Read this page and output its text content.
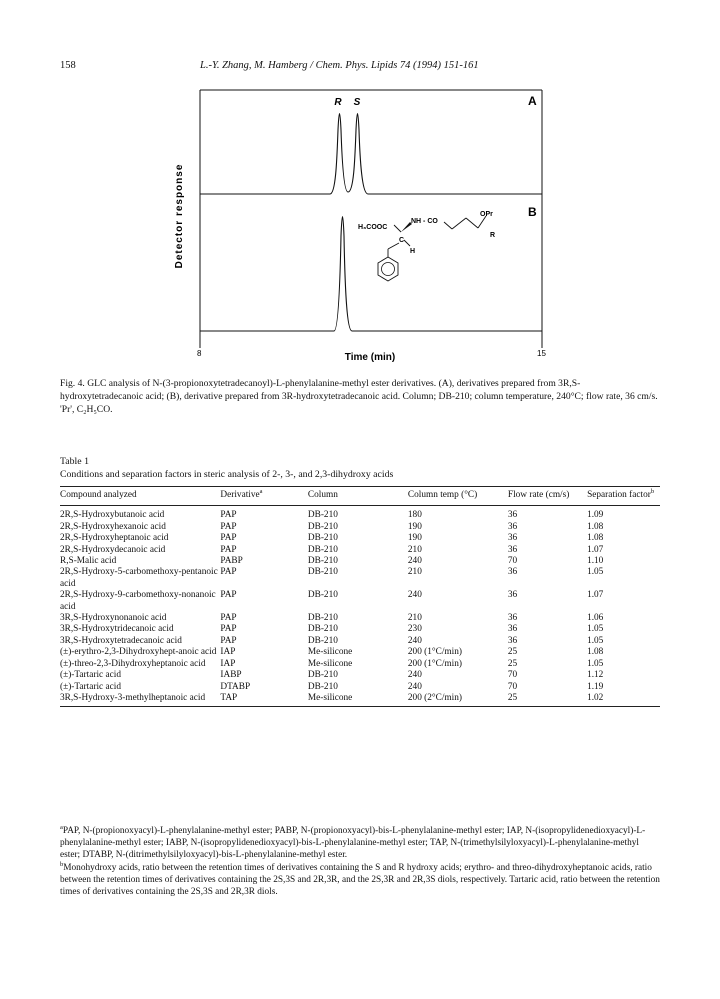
158	L.-Y. Zhang, M. Hamberg / Chem. Phys. Lipids 74 (1994) 151-161
R S	A
B
Detector response
8	15
Time (min)
H₃COOC
NH - CO
OPr
R
C
H
Fig. 4. GLC analysis of N-(3-propionoxytetradecanoyl)-L-phenylalanine-methyl ester derivatives. (A), derivatives prepared from 3R,S-hydroxytetradecanoic acid; (B), derivative prepared from 3R-hydroxytetradecanoic acid. Column; DB-210; column temperature, 240°C; flow rate, 36 cm/s. 'Pr', C₂H₅CO.
Table 1
Conditions and separation factors in steric analysis of 2-, 3-, and 2,3-dihydroxy acids
Compound analyzed	Derivative$^a$	Column	Column temp (°C)	Flow rate (cm/s)	Separation factor$^b$
2R,S-Hydroxybutanoic acid	PAP	DB-210	180	36	1.09
2R,S-Hydroxyhexanoic acid	PAP	DB-210	190	36	1.08
2R,S-Hydroxyheptanoic acid	PAP	DB-210	190	36	1.08
2R,S-Hydroxydecanoic acid	PAP	DB-210	210	36	1.07
R,S-Malic acid	PABP	DB-210	240	70	1.10
2R,S-Hydroxy-5-carbomethoxy-pentanoic acid	PAP	DB-210	210	36	1.05
2R,S-Hydroxy-9-carbomethoxy-nonanoic acid	PAP	DB-210	240	36	1.07
3R,S-Hydroxynonanoic acid	PAP	DB-210	210	36	1.06
3R,S-Hydroxytridecanoic acid	PAP	DB-210	230	36	1.05
3R,S-Hydroxytetradecanoic acid	PAP	DB-210	240	36	1.05
(±)-erythro-2,3-Dihydroxyhept-anoic acid	IAP	Me-silicone	200 (1°C/min)	25	1.08
(±)-threo-2,3-Dihydroxyheptanoic acid	IAP	Me-silicone	200 (1°C/min)	25	1.05
(±)-Tartaric acid	IABP	DB-210	240	70	1.12
(±)-Tartaric acid	DTABP	DB-210	240	70	1.19
3R,S-Hydroxy-3-methylheptanoic acid	TAP	Me-silicone	200 (2°C/min)	25	1.02

$^a$PAP, N-(propionoxyacyl)-L-phenylalanine-methyl ester; PABP, N-(propionoxyacyl)-bis-L-phenylalanine-methyl ester; IAP, N-(isopropylidenedioxyacyl)-L-phenylalanine-methyl ester; IABP, N-(isopropylidenedioxyacyl)-bis-L-phenylalanine-methyl ester; TAP, N-(trimethylsilyloxyacyl)-L-phenylalanine-methyl ester; DTABP, N-(ditrimethylsilyloxyacyl)-bis-L-phenylalanine-methyl ester.

$^b$Monohydroxy acids, ratio between the retention times of derivatives containing the S and R hydroxy acids; erythro- and threo-dihydroxyheptanoic acids, ratio between the retention times of derivatives containing the 2S,3S and 2R,3R, and the 2S,3R and 2R,3S diols, respectively. Tartaric acid, ratio between the retention times of derivatives containing the 2S,3S and 2R,3R diols.
